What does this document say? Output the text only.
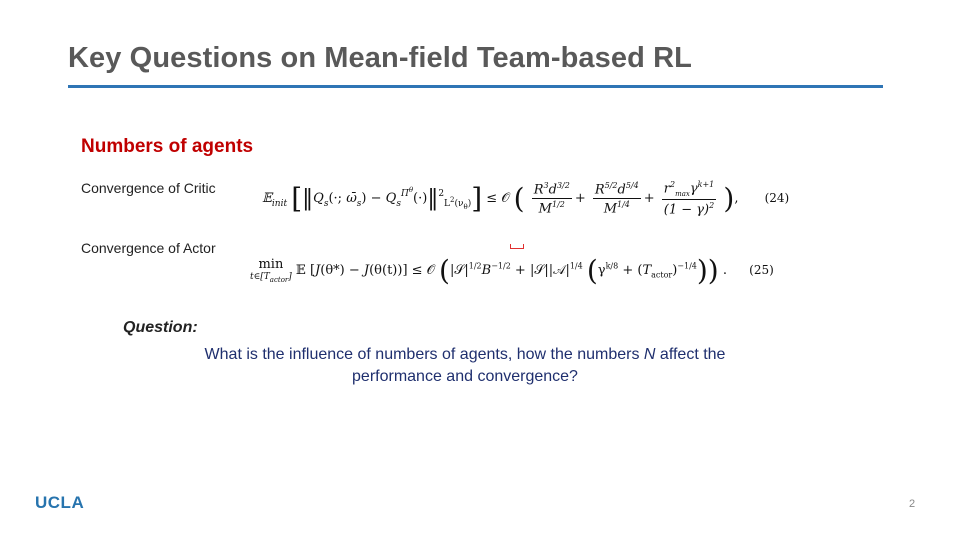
Key Questions on Mean-field Team-based RL
Numbers of agents
Convergence of Critic
Convergence of Actor
𝔼$_{init}$ [$‖Q_s(\cdot$; $\omegā_s$) − $Q_s^{\Pi^\theta}(\cdot)‖^2_{L^2(\nu_\theta)}$] ≤ 𝒪 ( $\frac{R^3d^{3/2}}{M^{1/2}} + \frac{R^{5/2}d^{5/4}}{M^{1/4}} + \frac{r^2_{max}\gamma^{k+1}}{(1 - \gamma)^2}$ ), (24)
min
$t\in[T_{actor}]$ 𝔼 [J(θ*) − J(θ(t))] ≤ 𝒪 ($|𝒮|^{1/2}B^{-1/2}$ + $|𝒮||𝒜|^{1/4}$ $(\gamma^{k/8} + (T_{actor})^{-1/4})$) . (25)
Question:
What is the influence of numbers of agents, how the numbers N affect the
performance and convergence?
UCLA	2
